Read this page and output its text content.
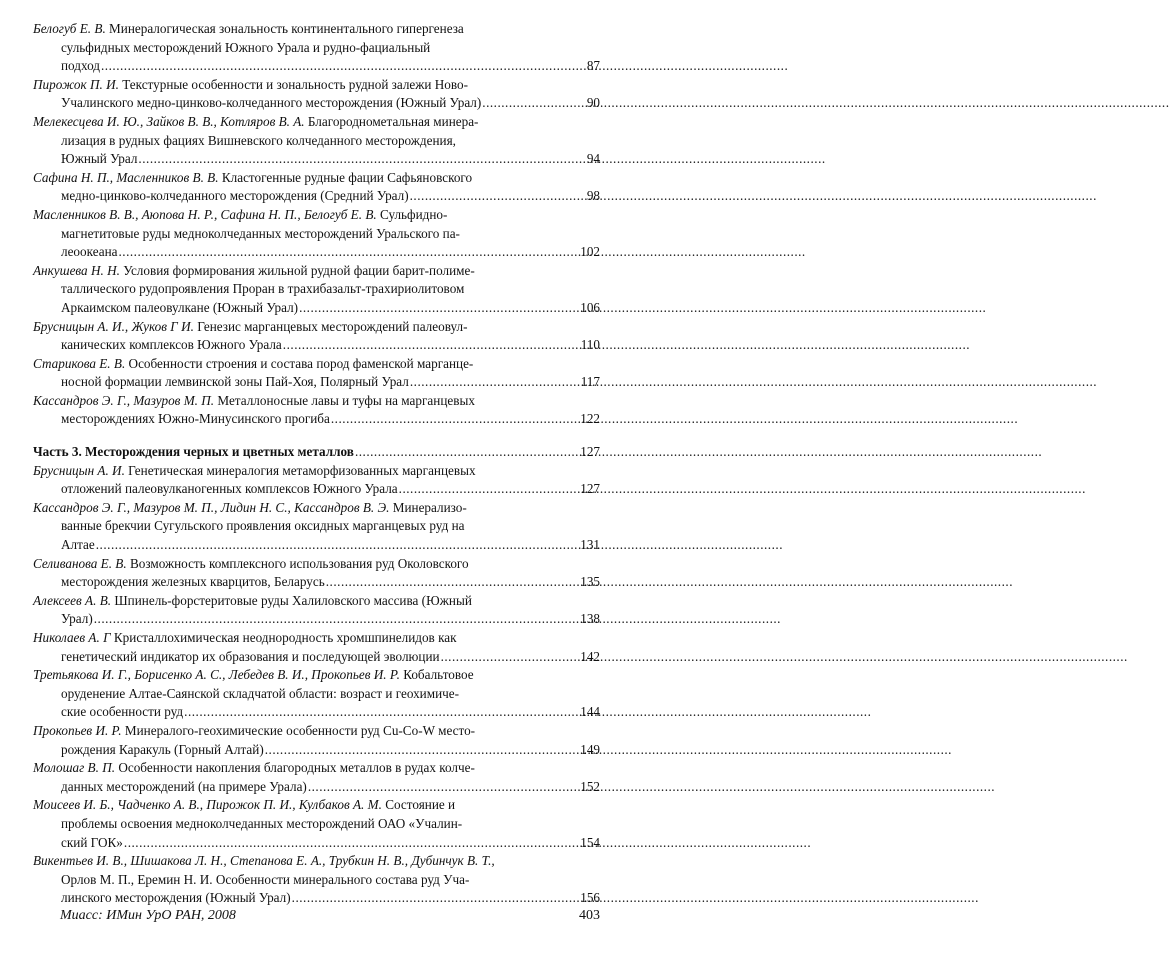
Белогуб Е. В. Минералогическая зональность континентального гипергенеза
сульфидных месторождений Южного Урала и рудно-фациальный
подход .....	87
Пирожок П. И. Текстурные особенности и зональность рудной залежи Ново-
Учалинского медно-цинково-колчеданного месторождения (Южный Урал) .....	90
Мелекесцева И. Ю., Зайков В. В., Котляров В. А. Благороднометальная минера-
лизация в рудных фациях Вишневского колчеданного месторождения,
Южный Урал .....	94
Сафина Н. П., Масленников В. В. Кластогенные рудные фации Сафьяновского
медно-цинково-колчеданного месторождения (Средний Урал) .....	98
Масленников В. В., Аюпова Н. Р., Сафина Н. П., Белогуб Е. В. Сульфидно-
магнетитовые руды медноколчеданных месторождений Уральского па-
леоокеана .....	102
Анкушева Н. Н. Условия формирования жильной рудной фации барит-полиме-
таллического рудопроявления Проран в трахибазальт-трахириолитовом
Аркаимском палеовулкане (Южный Урал) .....	106
Брусницын А. И., Жуков Г И. Генезис марганцевых месторождений палеовул-
канических комплексов Южного Урала .....	110
Старикова Е. В. Особенности строения и состава пород фаменской марганце-
носной формации лемвинской зоны Пай-Хоя, Полярный Урал .....	117
Кассандров Э. Г., Мазуров М. П. Металлоносные лавы и туфы на марганцевых
месторождениях Южно-Минусинского прогиба .....	122
Часть 3. Месторождения черных и цветных металлов .....	127
Брусницын А. И. Генетическая минералогия метаморфизованных марганцевых
отложений палеовулканогенных комплексов Южного Урала .....	127
Кассандров Э. Г., Мазуров М. П., Лидин Н. С., Кассандров В. Э. Минерализо-
ванные брекчии Сугульского проявления оксидных марганцевых руд на
Алтае .....	131
Селиванова Е. В. Возможность комплексного использования руд Околовского
месторождения железных кварцитов, Беларусь .....	135
Алексеев А. В. Шпинель-форстеритовые руды Халиловского массива (Южный
Урал) .....	138
Николаев А. Г Кристаллохимическая неоднородность хромшпинелидов как
генетический индикатор их образования и последующей эволюции .....	142
Третьякова И. Г., Борисенко А. С., Лебедев В. И., Прокопьев И. Р. Кобальтовое
оруденение Алтае-Саянской складчатой области: возраст и геохимиче-
ские особенности руд .....	144
Прокопьев И. Р. Минералого-геохимические особенности руд Cu-Co-W место-
рождения Каракуль (Горный Алтай) .....	149
Молошаг В. П. Особенности накопления благородных металлов в рудах колче-
данных месторождений (на примере Урала) .....	152
Моисеев И. Б., Чадченко А. В., Пирожок П. И., Кулбаков А. М. Состояние и
проблемы освоения медноколчеданных месторождений ОАО «Учалин-
ский ГОК» .....	154
Викентьев И. В., Шишакова Л. Н., Степанова Е. А., Трубкин Н. В., Дубинчук В. Т.,
Орлов М. П., Еремин Н. И. Особенности минерального состава руд Уча-
линского месторождения (Южный Урал) .....	156
Миасс: ИМин УрО РАН, 2008	403
